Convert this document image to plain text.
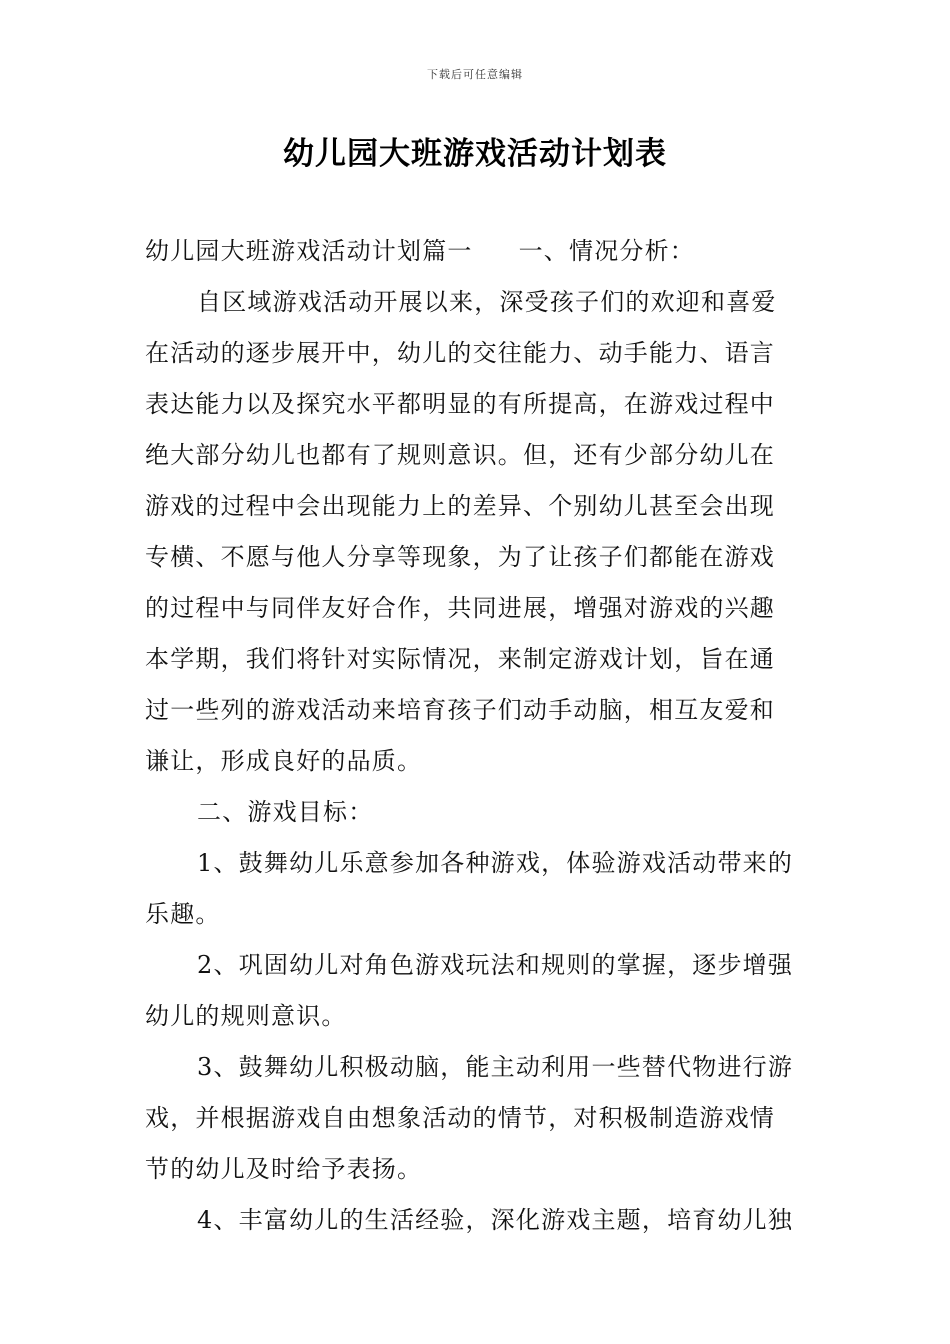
下载后可任意编辑
幼儿园大班游戏活动计划表

幼儿园大班游戏活动计划篇一 一、情况分析：

自区域游戏活动开展以来，深受孩子们的欢迎和喜爱
在活动的逐步展开中，幼儿的交往能力、动手能力、语言
表达能力以及探究水平都明显的有所提高，在游戏过程中
绝大部分幼儿也都有了规则意识。但，还有少部分幼儿在
游戏的过程中会出现能力上的差异、个别幼儿甚至会出现
专横、不愿与他人分享等现象，为了让孩子们都能在游戏
的过程中与同伴友好合作，共同进展，增强对游戏的兴趣
本学期，我们将针对实际情况，来制定游戏计划，旨在通
过一些列的游戏活动来培育孩子们动手动脑，相互友爱和
谦让，形成良好的品质。

二、游戏目标：

1、鼓舞幼儿乐意参加各种游戏，体验游戏活动带来的
乐趣。

2、巩固幼儿对角色游戏玩法和规则的掌握，逐步增强
幼儿的规则意识。

3、鼓舞幼儿积极动脑，能主动利用一些替代物进行游
戏，并根据游戏自由想象活动的情节，对积极制造游戏情
节的幼儿及时给予表扬。

4、丰富幼儿的生活经验，深化游戏主题，培育幼儿独
